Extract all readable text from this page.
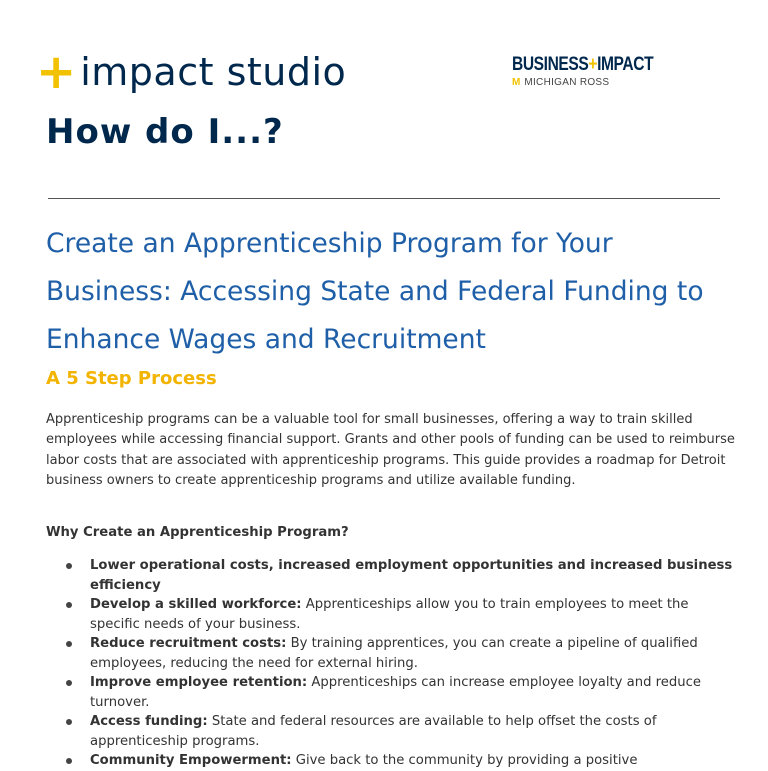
+ impact studio	BUSINESS+IMPACT
M MICHIGAN ROSS
How do I...?
Create an Apprenticeship Program for Your Business: Accessing State and Federal Funding to Enhance Wages and Recruitment
A 5 Step Process
Apprenticeship programs can be a valuable tool for small businesses, offering a way to train skilled employees while accessing financial support. Grants and other pools of funding can be used to reimburse labor costs that are associated with apprenticeship programs. This guide provides a roadmap for Detroit business owners to create apprenticeship programs and utilize available funding.
Why Create an Apprenticeship Program?
Lower operational costs, increased employment opportunities and increased business efficiency
Develop a skilled workforce: Apprenticeships allow you to train employees to meet the specific needs of your business.
Reduce recruitment costs: By training apprentices, you can create a pipeline of qualified employees, reducing the need for external hiring.
Improve employee retention: Apprenticeships can increase employee loyalty and reduce turnover.
Access funding: State and federal resources are available to help offset the costs of apprenticeship programs.
Community Empowerment: Give back to the community by providing a positive
